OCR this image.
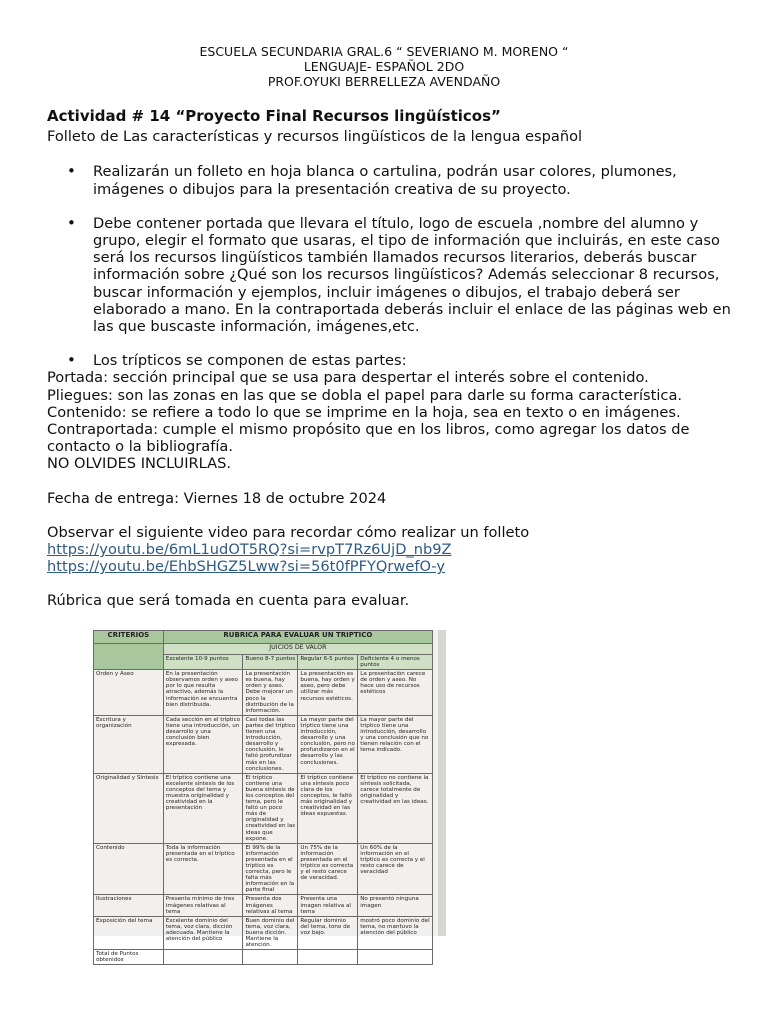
ESCUELA SECUNDARIA GRAL.6 “ SEVERIANO M. MORENO “
LENGUAJE- ESPAÑOL 2DO
PROF.OYUKI BERRELLEZA AVENDAÑO

Actividad # 14 “Proyecto Final Recursos lingüísticos”

Folleto de Las características y recursos lingüísticos de la lengua español

• Realizarán un folleto en hoja blanca o cartulina, podrán usar colores, plumones, imágenes o dibujos para la presentación creativa de su proyecto.
• Debe contener portada que llevara el título, logo de escuela ,nombre del alumno y grupo, elegir el formato que usaras, el tipo de información que incluirás, en este caso será los recursos lingüísticos también llamados recursos literarios, deberás buscar información sobre ¿Qué son los recursos lingüísticos? Además seleccionar 8 recursos, buscar información y ejemplos, incluir imágenes o dibujos, el trabajo deberá ser elaborado a mano. En la contraportada deberás incluir el enlace de las páginas web en las que buscaste información, imágenes,etc.
• Los trípticos se componen de estas partes:

Portada: sección principal que se usa para despertar el interés sobre el contenido.

Pliegues: son las zonas en las que se dobla el papel para darle su forma característica.

Contenido: se refiere a todo lo que se imprime en la hoja, sea en texto o en imágenes.

Contraportada: cumple el mismo propósito que en los libros, como agregar los datos de contacto o la bibliografía.

NO OLVIDES INCLUIRLAS.

Fecha de entrega: Viernes 18 de octubre 2024

Observar el siguiente video para recordar cómo realizar un folleto

https://youtu.be/6mL1udOT5RQ?si=rvpT7Rz6UjD_nb9Z

https://youtu.be/EhbSHGZ5Lww?si=56t0fPFYQrwefO-y

Rúbrica que será tomada en cuenta para evaluar.

CRITERIOS	RUBRICA PARA EVALUAR UN TRIPTICO			
	JUICIOS DE VALOR			
	Excelente 10-9 puntos	Bueno 8-7 puntos	Regular 6-5 puntos	Deficiente 4 o menos puntos
Orden y Aseo	En la presentación observamos orden y aseo por lo que resulta atractivo, además la información se encuentra bien distribuida.	La presentación es buena, hay orden y aseo. Debe mejorar un poco la distribución de la información.	La presentación es buena, hay orden y aseo, pero debe utilizar más recursos estéticos.	La presentación carece de orden y aseo. No hace uso de recursos estéticos
Escritura y organización	Cada sección en el tríptico tiene una introducción, un desarrollo y una conclusión bien expresada.	Casi todas las partes del tríptico tienen una introducción, desarrollo y conclusión, le faltó profundizar más en las conclusiones.	La mayor parte del tríptico tiene una introducción, desarrollo y una conclusión, pero no profundizaron en el desarrollo y las conclusiones.	La mayor parte del tríptico tiene una introducción, desarrollo y una conclusión que no tienen relación con el tema indicado.
Originalidad y Síntesis	El tríptico contiene una excelente síntesis de los conceptos del tema y muestra originalidad y creatividad en la presentación	El tríptico contiene una buena síntesis de los conceptos del tema, pero le faltó un poco más de originalidad y creatividad en las ideas que expone.	El tríptico contiene una síntesis poco clara de los conceptos, le faltó más originalidad y creatividad en las ideas expuestas.	El tríptico no contiene la síntesis solicitada, carece totalmente de originalidad y creatividad en las ideas.
Contenido	Toda la información presentada en el tríptico es correcta.	El 99% de la información presentada en el tríptico es correcta, pero le falta más información en la parte final	Un 75% de la información presentada en el tríptico es correcta y el resto carece de veracidad.	Un 60% de la información en el tríptico es correcta y el resto carece de veracidad
Ilustraciones	Presenta mínimo de tres imágenes relativas al tema	Presenta dos imágenes relativas al tema	Presenta una imagen relativa al tema	No presentó ninguna imagen
Exposición del tema	Excelente dominio del tema, voz clara, dicción adecuada. Mantiene la atención del público	Buen dominio del tema, voz clara, buena dicción. Mantiene la atención.	Regular dominio del tema, tono de voz bajo.	mostró poco dominio del tema, no mantuvo la atención del público
Total de Puntos obtenidos				
